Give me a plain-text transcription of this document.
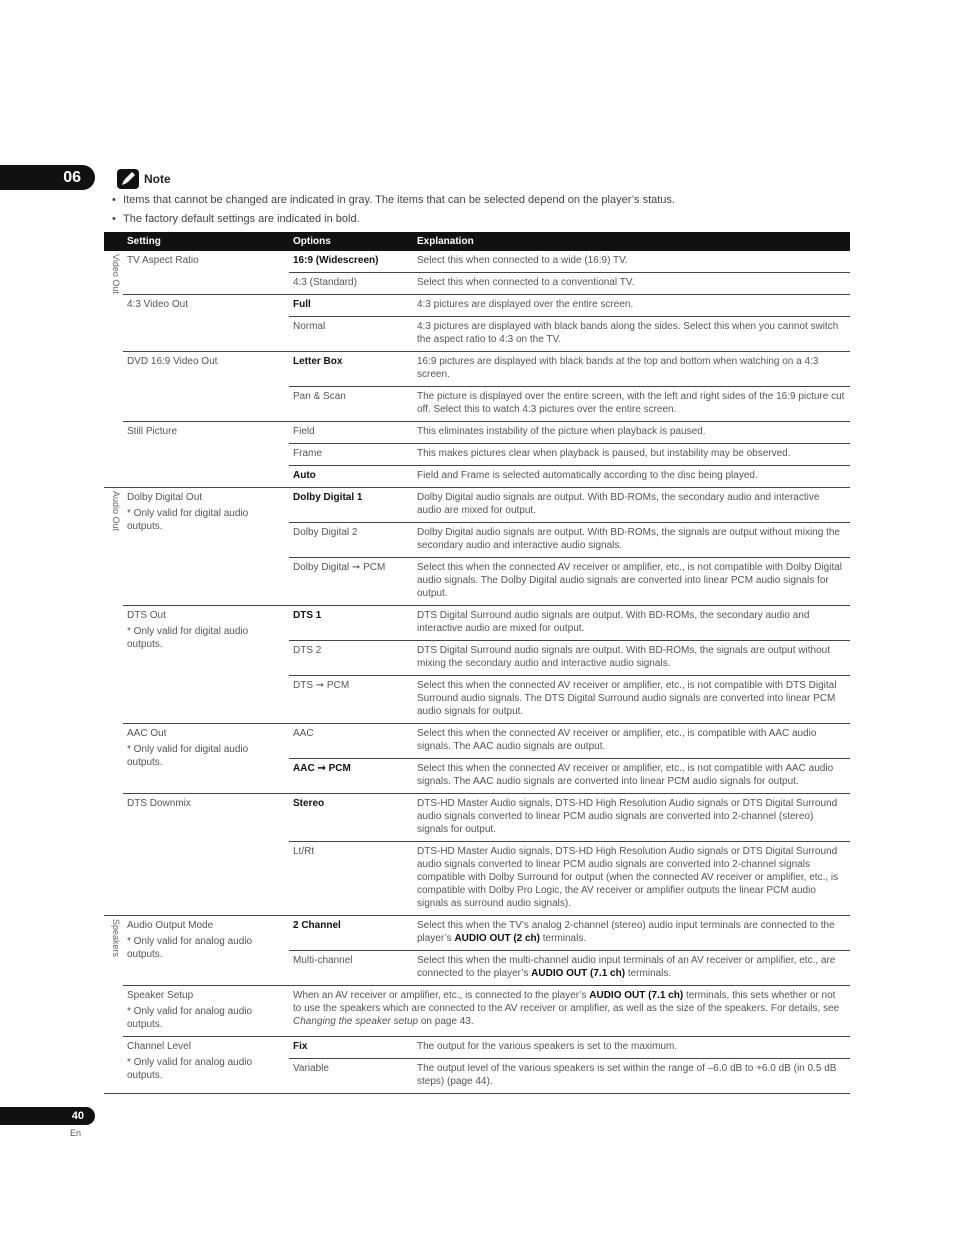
06	Note
• Items that cannot be changed are indicated in gray. The items that can be selected depend on the player’s status.
• The factory default settings are indicated in bold.
	Setting	Options	Explanation
Video Out	TV Aspect Ratio	16:9 (Widescreen)	Select this when connected to a wide (16:9) TV.
		4:3 (Standard)	Select this when connected to a conventional TV.
	4:3 Video Out	Full	4:3 pictures are displayed over the entire screen.
		Normal	4:3 pictures are displayed with black bands along the sides. Select this when you cannot switch the aspect ratio to 4:3 on the TV.
	DVD 16:9 Video Out	Letter Box	16:9 pictures are displayed with black bands at the top and bottom when watching on a 4:3 screen.
		Pan & Scan	The picture is displayed over the entire screen, with the left and right sides of the 16:9 picture cut off. Select this to watch 4:3 pictures over the entire screen.
	Still Picture	Field	This eliminates instability of the picture when playback is paused.
		Frame	This makes pictures clear when playback is paused, but instability may be observed.
		Auto	Field and Frame is selected automatically according to the disc being played.
Audio Out	Dolby Digital Out
* Only valid for digital audio outputs.	Dolby Digital 1	Dolby Digital audio signals are output. With BD-ROMs, the secondary audio and interactive audio are mixed for output.
		Dolby Digital 2	Dolby Digital audio signals are output. With BD-ROMs, the signals are output without mixing the secondary audio and interactive audio signals.
		Dolby Digital ➞ PCM	Select this when the connected AV receiver or amplifier, etc., is not compatible with Dolby Digital audio signals. The Dolby Digital audio signals are converted into linear PCM audio signals for output.
	DTS Out
* Only valid for digital audio outputs.	DTS 1	DTS Digital Surround audio signals are output. With BD-ROMs, the secondary audio and interactive audio are mixed for output.
		DTS 2	DTS Digital Surround audio signals are output. With BD-ROMs, the signals are output without mixing the secondary audio and interactive audio signals.
		DTS ➞ PCM	Select this when the connected AV receiver or amplifier, etc., is not compatible with DTS Digital Surround audio signals. The DTS Digital Surround audio signals are converted into linear PCM audio signals for output.
	AAC Out
* Only valid for digital audio outputs.	AAC	Select this when the connected AV receiver or amplifier, etc., is compatible with AAC audio signals. The AAC audio signals are output.
		AAC ➞ PCM	Select this when the connected AV receiver or amplifier, etc., is not compatible with AAC audio signals. The AAC audio signals are converted into linear PCM audio signals for output.
	DTS Downmix	Stereo	DTS-HD Master Audio signals, DTS-HD High Resolution Audio signals or DTS Digital Surround audio signals converted to linear PCM audio signals are converted into 2-channel (stereo) signals for output.
		Lt/Rt	DTS-HD Master Audio signals, DTS-HD High Resolution Audio signals or DTS Digital Surround audio signals converted to linear PCM audio signals are converted into 2-channel signals compatible with Dolby Surround for output (when the connected AV receiver or amplifier, etc., is compatible with Dolby Pro Logic, the AV receiver or amplifier outputs the linear PCM audio signals as surround audio signals).
Speakers	Audio Output Mode
* Only valid for analog audio outputs.	2 Channel	Select this when the TV’s analog 2-channel (stereo) audio input terminals are connected to the player’s AUDIO OUT (2 ch) terminals.
		Multi-channel	Select this when the multi-channel audio input terminals of an AV receiver or amplifier, etc., are connected to the player’s AUDIO OUT (7.1 ch) terminals.
	Speaker Setup
* Only valid for analog audio outputs.	When an AV receiver or amplifier, etc., is connected to the player’s AUDIO OUT (7.1 ch) terminals, this sets whether or not to use the speakers which are connected to the AV receiver or amplifier, as well as the size of the speakers. For details, see Changing the speaker setup on page 43.	
	Channel Level
* Only valid for analog audio outputs.	Fix	The output for the various speakers is set to the maximum.
		Variable	The output level of the various speakers is set within the range of –6.0 dB to +6.0 dB (in 0.5 dB steps) (page 44).
40
En
